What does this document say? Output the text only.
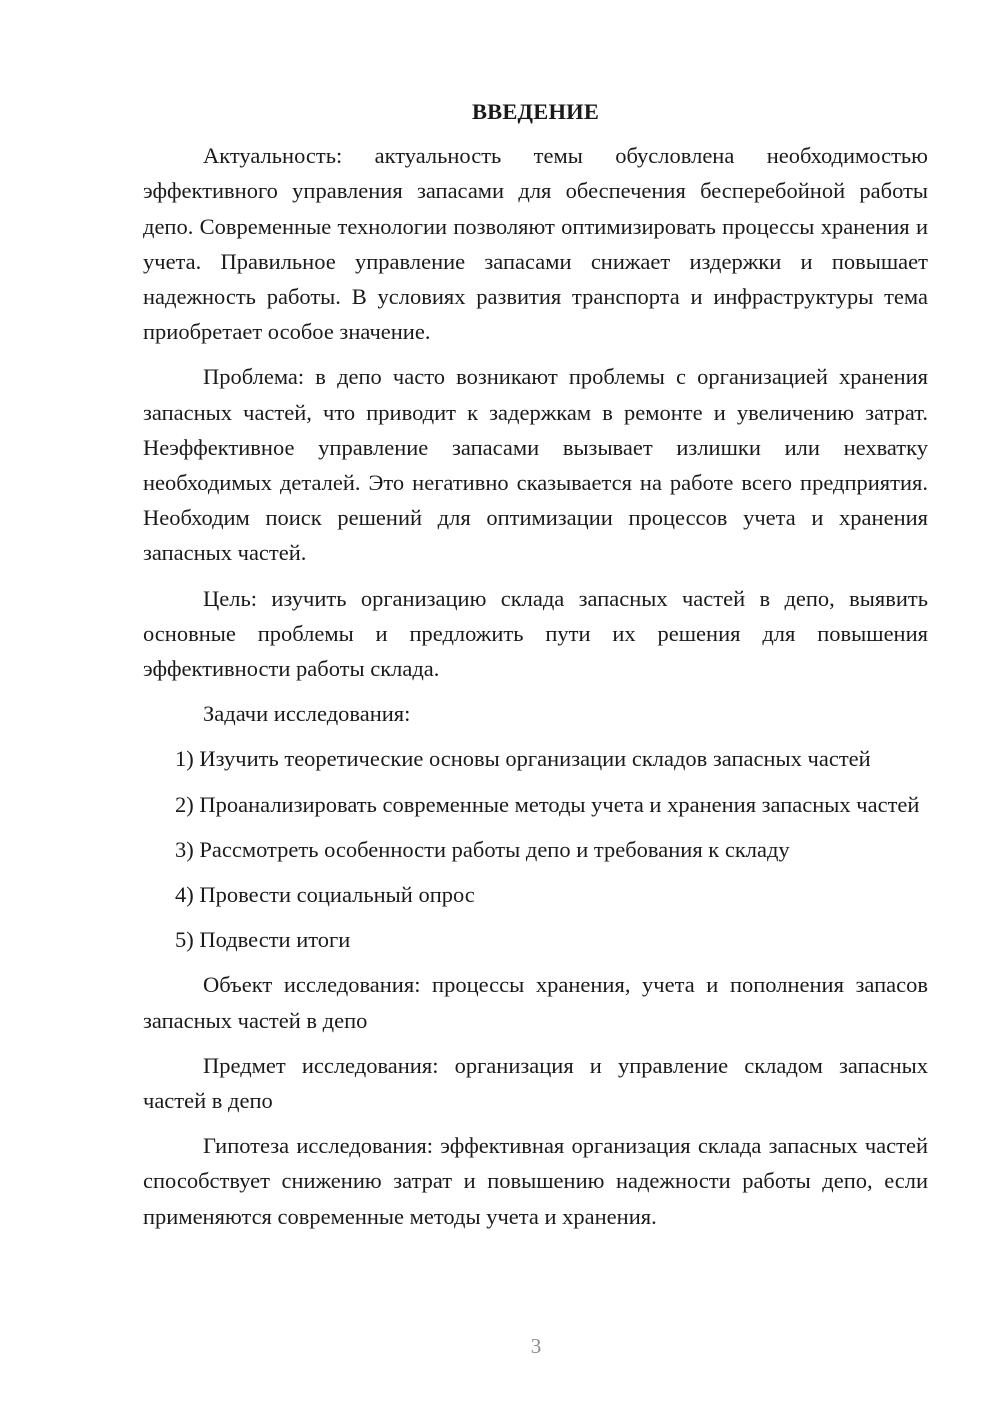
ВВЕДЕНИЕ

Актуальность: актуальность темы обусловлена необходимостью эффективного управления запасами для обеспечения бесперебойной работы депо. Современные технологии позволяют оптимизировать процессы хранения и учета. Правильное управление запасами снижает издержки и повышает надежность работы. В условиях развития транспорта и инфраструктуры тема приобретает особое значение.

Проблема: в депо часто возникают проблемы с организацией хранения запасных частей, что приводит к задержкам в ремонте и увеличению затрат. Неэффективное управление запасами вызывает излишки или нехватку необходимых деталей. Это негативно сказывается на работе всего предприятия. Необходим поиск решений для оптимизации процессов учета и хранения запасных частей.

Цель: изучить организацию склада запасных частей в депо, выявить основные проблемы и предложить пути их решения для повышения эффективности работы склада.

Задачи исследования:

1) Изучить теоретические основы организации складов запасных частей

2) Проанализировать современные методы учета и хранения запасных частей

3) Рассмотреть особенности работы депо и требования к складу

4) Провести социальный опрос

5) Подвести итоги

Объект исследования: процессы хранения, учета и пополнения запасов запасных частей в депо

Предмет исследования: организация и управление складом запасных частей в депо

Гипотеза исследования: эффективная организация склада запасных частей способствует снижению затрат и повышению надежности работы депо, если применяются современные методы учета и хранения.

3
